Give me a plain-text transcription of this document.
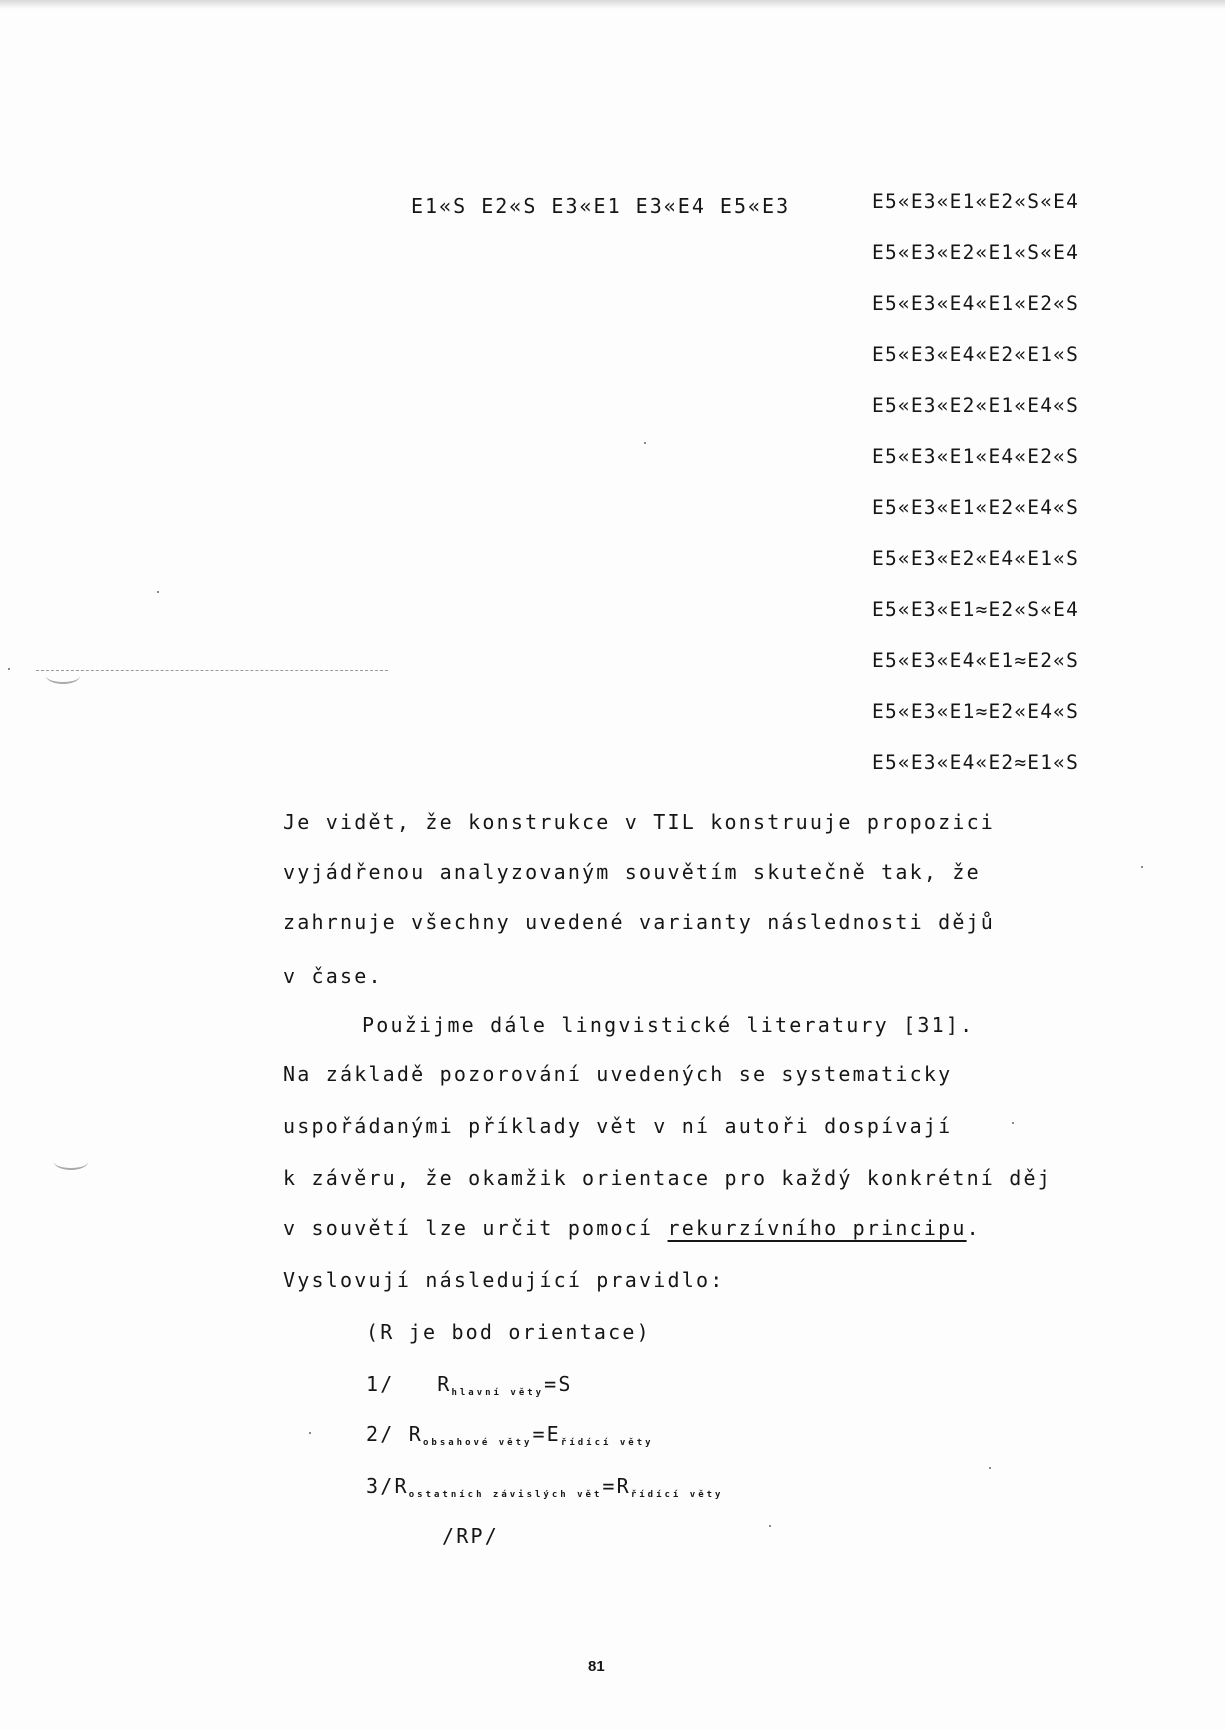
E1«S E2«S E3«E1 E3«E4 E5«E3	E5«E3«E1«E2«S«E4
E5«E3«E2«E1«S«E4
E5«E3«E4«E1«E2«S
E5«E3«E4«E2«E1«S
E5«E3«E2«E1«E4«S
E5«E3«E1«E4«E2«S
E5«E3«E1«E2«E4«S
E5«E3«E2«E4«E1«S
E5«E3«E1≈E2«S«E4
E5«E3«E4«E1≈E2«S
E5«E3«E1≈E2«E4«S
E5«E3«E4«E2≈E1«S
Je vidět, že konstrukce v TIL konstruuje propozici
vyjádřenou analyzovaným souvětím skutečně tak, že
zahrnuje všechny uvedené varianty následnosti dějů
v čase.
Použijme dále lingvistické literatury [31].
Na základě pozorování uvedených se systematicky
uspořádanými příklady vět v ní autoři dospívají
k závěru, že okamžik orientace pro každý konkrétní děj
v souvětí lze určit pomocí rekurzívního principu.
Vyslovují následující pravidlo:
(R je bod orientace)
1/ $R_{hlavní věty}=S$
2/ $R_{obsahové věty}=E_{řídící věty}$
$3/R_{ostatních závislých vět}=R_{řídící věty}$
/RP/
81
